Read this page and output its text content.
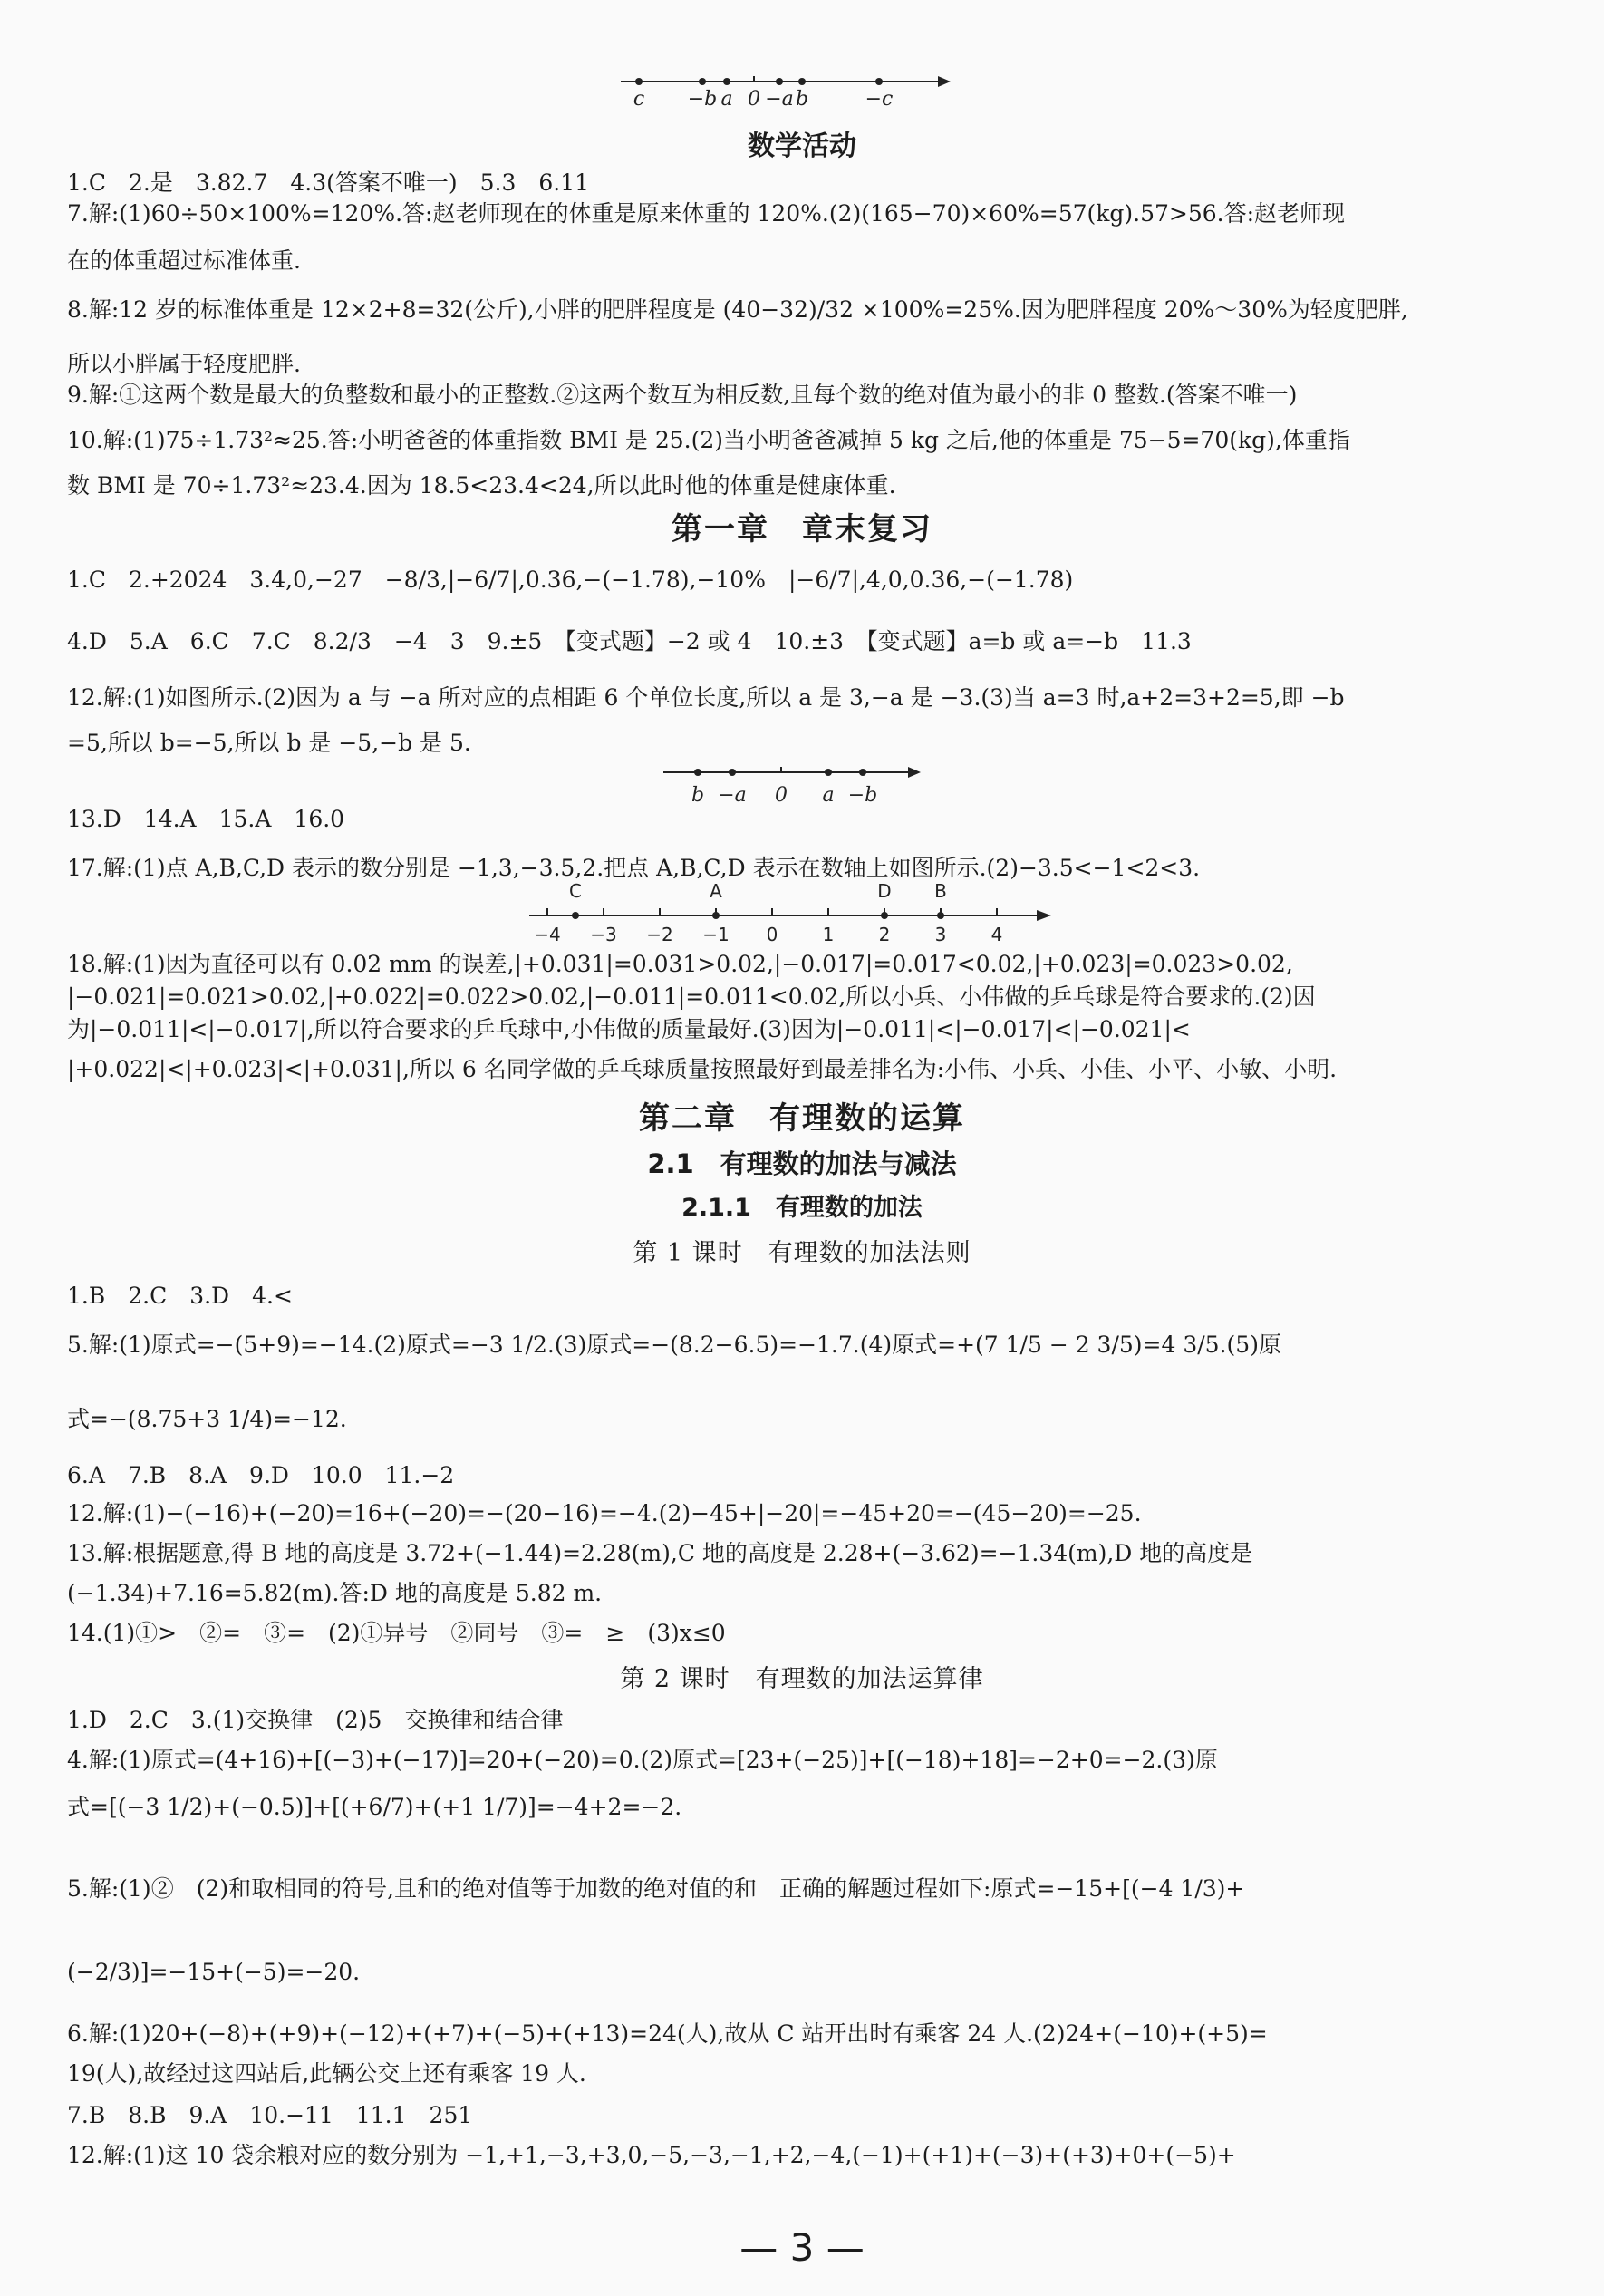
c −b a 0 −a b	−c
数学活动
1.C　2.是　3.82.7　4.3(答案不唯一)　5.3　6.11
7.解:(1)60÷50×100%=120%.答:赵老师现在的体重是原来体重的 120%.(2)(165−70)×60%=57(kg).57>56.答:赵老师现
在的体重超过标准体重.
8.解:12 岁的标准体重是 12×2+8=32(公斤),小胖的肥胖程度是 (40−32)/32 ×100%=25%.因为肥胖程度 20%～30%为轻度肥胖,
所以小胖属于轻度肥胖.
9.解:①这两个数是最大的负整数和最小的正整数.②这两个数互为相反数,且每个数的绝对值为最小的非 0 整数.(答案不唯一)
10.解:(1)75÷1.73²≈25.答:小明爸爸的体重指数 BMI 是 25.(2)当小明爸爸减掉 5 kg 之后,他的体重是 75−5=70(kg),体重指
数 BMI 是 70÷1.73²≈23.4.因为 18.5<23.4<24,所以此时他的体重是健康体重.
第一章　章末复习
1.C　2.+2024　3.4,0,−27　−8/3,|−6/7|,0.36,−(−1.78),−10%　|−6/7|,4,0,0.36,−(−1.78)
4.D　5.A　6.C　7.C　8.2/3　−4　3　9.±5　【变式题】−2 或 4　10.±3　【变式题】a=b 或 a=−b　11.3
12.解:(1)如图所示.(2)因为 a 与 −a 所对应的点相距 6 个单位长度,所以 a 是 3,−a 是 −3.(3)当 a=3 时,a+2=3+2=5,即 −b
=5,所以 b=−5,所以 b 是 −5,−b 是 5.
b −a 0 a −b
13.D　14.A　15.A　16.0
17.解:(1)点 A,B,C,D 表示的数分别是 −1,3,−3.5,2.把点 A,B,C,D 表示在数轴上如图所示.(2)−3.5<−1<2<3.
−4 −3 −2 −1 0 1 2 3 4
C	A	D B
18.解:(1)因为直径可以有 0.02 mm 的误差,|+0.031|=0.031>0.02,|−0.017|=0.017<0.02,|+0.023|=0.023>0.02,
|−0.021|=0.021>0.02,|+0.022|=0.022>0.02,|−0.011|=0.011<0.02,所以小兵、小伟做的乒乓球是符合要求的.(2)因
为|−0.011|<|−0.017|,所以符合要求的乒乓球中,小伟做的质量最好.(3)因为|−0.011|<|−0.017|<|−0.021|<
|+0.022|<|+0.023|<|+0.031|,所以 6 名同学做的乒乓球质量按照最好到最差排名为:小伟、小兵、小佳、小平、小敏、小明.
第二章　有理数的运算
2.1　有理数的加法与减法
2.1.1　有理数的加法
第 1 课时　有理数的加法法则
1.B　2.C　3.D　4.<
5.解:(1)原式=−(5+9)=−14.(2)原式=−3 1/2.(3)原式=−(8.2−6.5)=−1.7.(4)原式=+(7 1/5 − 2 3/5)=4 3/5.(5)原
式=−(8.75+3 1/4)=−12.
6.A　7.B　8.A　9.D　10.0　11.−2
12.解:(1)−(−16)+(−20)=16+(−20)=−(20−16)=−4.(2)−45+|−20|=−45+20=−(45−20)=−25.
13.解:根据题意,得 B 地的高度是 3.72+(−1.44)=2.28(m),C 地的高度是 2.28+(−3.62)=−1.34(m),D 地的高度是
(−1.34)+7.16=5.82(m).答:D 地的高度是 5.82 m.
14.(1)①>　②=　③=　(2)①异号　②同号　③=　≥　(3)x≤0
第 2 课时　有理数的加法运算律
1.D　2.C　3.(1)交换律　(2)5　交换律和结合律
4.解:(1)原式=(4+16)+[(−3)+(−17)]=20+(−20)=0.(2)原式=[23+(−25)]+[(−18)+18]=−2+0=−2.(3)原
式=[(−3 1/2)+(−0.5)]+[(+6/7)+(+1 1/7)]=−4+2=−2.
5.解:(1)②　(2)和取相同的符号,且和的绝对值等于加数的绝对值的和　正确的解题过程如下:原式=−15+[(−4 1/3)+
(−2/3)]=−15+(−5)=−20.
6.解:(1)20+(−8)+(+9)+(−12)+(+7)+(−5)+(+13)=24(人),故从 C 站开出时有乘客 24 人.(2)24+(−10)+(+5)=
19(人),故经过这四站后,此辆公交上还有乘客 19 人.
7.B　8.B　9.A　10.−11　11.1　251
12.解:(1)这 10 袋余粮对应的数分别为 −1,+1,−3,+3,0,−5,−3,−1,+2,−4,(−1)+(+1)+(−3)+(+3)+0+(−5)+
— 3 —
